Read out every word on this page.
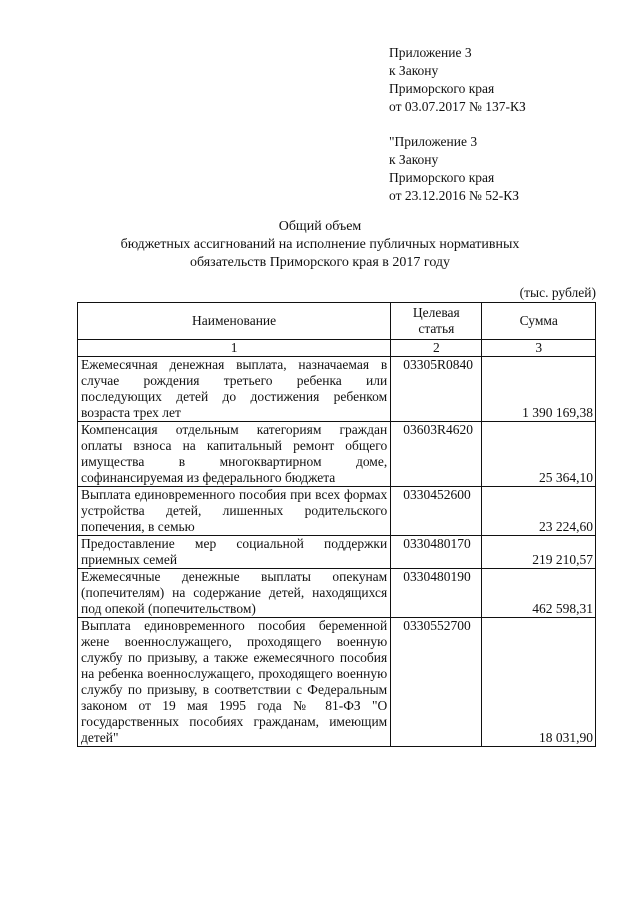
Приложение 3
к Закону
Приморского края
от 03.07.2017 № 137-КЗ
"Приложение 3
к Закону
Приморского края
от 23.12.2016 № 52-КЗ
Общий объем
бюджетных ассигнований на исполнение публичных нормативных
обязательств Приморского края в 2017 году
(тыс. рублей)
Наименование	Целевая статья	Сумма
1	2	3
Ежемесячная денежная выплата, назначаемая в случае рождения третьего ребенка или последующих детей до достижения ребенком возраста трех лет	03305R0840	1 390 169,38
Компенсация отдельным категориям граждан оплаты взноса на капитальный ремонт общего имущества в многоквартирном доме, софинансируемая из федерального бюджета	03603R4620	25 364,10
Выплата единовременного пособия при всех формах устройства детей, лишенных родительского попечения, в семью	0330452600	23 224,60
Предоставление мер социальной поддержки приемных семей	0330480170	219 210,57
Ежемесячные денежные выплаты опекунам (попечителям) на содержание детей, находящихся под опекой (попечительством)	0330480190	462 598,31
Выплата единовременного пособия беременной жене военнослужащего, проходящего военную службу по призыву, а также ежемесячного пособия на ребенка военнослужащего, проходящего военную службу по призыву, в соответствии с Федеральным законом от 19 мая 1995 года № 81-ФЗ "О государственных пособиях гражданам, имеющим детей"	0330552700	18 031,90
